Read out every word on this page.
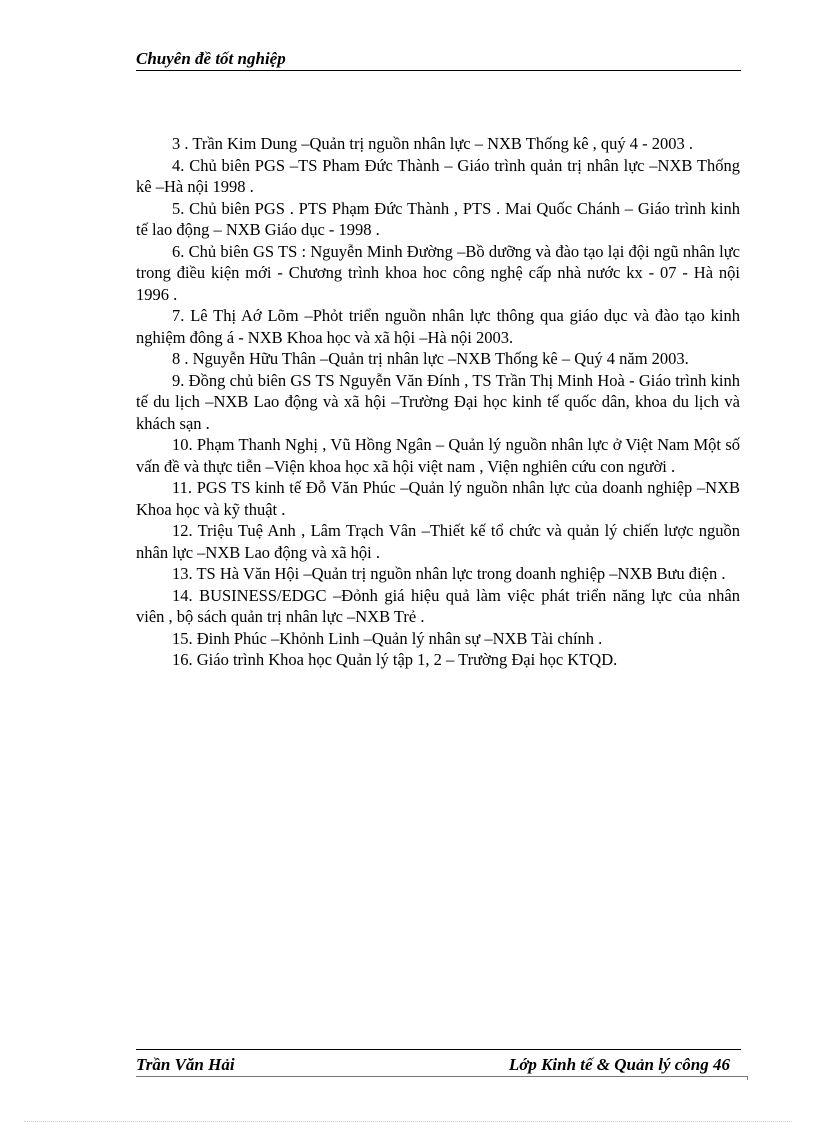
Chuyên đề tốt nghiệp

3 . Trần Kim Dung –Quản trị nguồn nhân lực – NXB Thống kê , quý 4 - 2003 .

4. Chủ biên PGS –TS Pham Đức Thành – Giáo trình quản trị nhân lực –NXB Thống kê –Hà nội 1998 .

5. Chủ biên PGS . PTS Phạm Đức Thành , PTS . Mai Quốc Chánh – Giáo trình kinh tế lao động – NXB Giáo dục - 1998 .

6. Chủ biên GS TS : Nguyễn Minh Đường –Bồ dưỡng và đào tạo lại đội ngũ nhân lực trong điều kiện mới - Chương trình khoa hoc công nghệ cấp nhà nước kx - 07 - Hà nội 1996 .

7. Lê Thị Aớ Lõm –Phỏt triển nguồn nhân lực thông qua giáo dục và đào tạo kinh nghiệm đông á - NXB Khoa học và xã hội –Hà nội 2003.

8 . Nguyễn Hữu Thân –Quản trị nhân lực –NXB Thống kê – Quý 4 năm 2003.

9. Đồng chủ biên GS TS Nguyễn Văn Đính , TS Trần Thị Minh Hoà - Giáo trình kinh tế du lịch –NXB Lao động và xã hội –Trường Đại học kinh tế quốc dân, khoa du lịch và khách sạn .

10. Phạm Thanh Nghị , Vũ Hồng Ngân – Quản lý nguồn nhân lực ở Việt Nam Một số vấn đề và thực tiễn –Viện khoa học xã hội việt nam , Viện nghiên cứu con người .

11. PGS TS kinh tế Đỗ Văn Phúc –Quản lý nguồn nhân lực của doanh nghiệp –NXB Khoa học và kỹ thuật .

12. Triệu Tuệ Anh , Lâm Trạch Vân –Thiết kế tổ chức và quản lý chiến lược nguồn nhân lực –NXB Lao động và xã hội .

13. TS Hà Văn Hội –Quản trị nguồn nhân lực trong doanh nghiệp –NXB Bưu điện .

14. BUSINESS/EDGC –Đỏnh giá hiệu quả làm việc phát triển năng lực của nhân viên , bộ sách quản trị nhân lực –NXB Trẻ .

15. Đinh Phúc –Khỏnh Linh –Quản lý nhân sự –NXB Tài chính .

16. Giáo trình Khoa học Quản lý tập 1, 2 – Trường Đại học KTQD.

Trần Văn Hải	Lớp Kinh tế & Quản lý công 46
